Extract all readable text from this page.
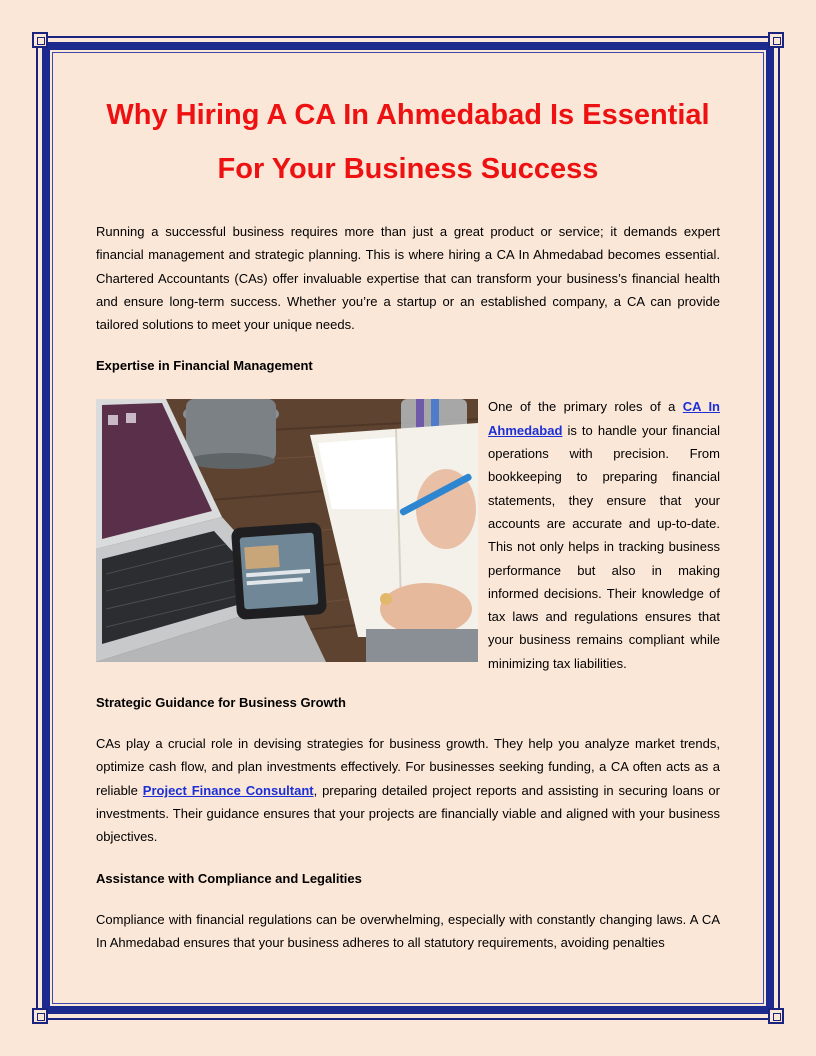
Why Hiring A CA In Ahmedabad Is Essential
For Your Business Success

Running a successful business requires more than just a great product or service; it demands expert financial management and strategic planning. This is where hiring a CA In Ahmedabad becomes essential. Chartered Accountants (CAs) offer invaluable expertise that can transform your business’s financial health and ensure long-term success. Whether you’re a startup or an established company, a CA can provide tailored solutions to meet your unique needs.

Expertise in Financial Management

One of the primary roles of a CA In Ahmedabad is to handle your financial operations with precision. From bookkeeping to preparing financial statements, they ensure that your accounts are accurate and up-to-date. This not only helps in tracking business performance but also in making informed decisions. Their knowledge of tax laws and regulations ensures that your business remains compliant while minimizing tax liabilities.

Strategic Guidance for Business Growth

CAs play a crucial role in devising strategies for business growth. They help you analyze market trends, optimize cash flow, and plan investments effectively. For businesses seeking funding, a CA often acts as a reliable Project Finance Consultant, preparing detailed project reports and assisting in securing loans or investments. Their guidance ensures that your projects are financially viable and aligned with your business objectives.

Assistance with Compliance and Legalities

Compliance with financial regulations can be overwhelming, especially with constantly changing laws. A CA In Ahmedabad ensures that your business adheres to all statutory requirements, avoiding penalties
